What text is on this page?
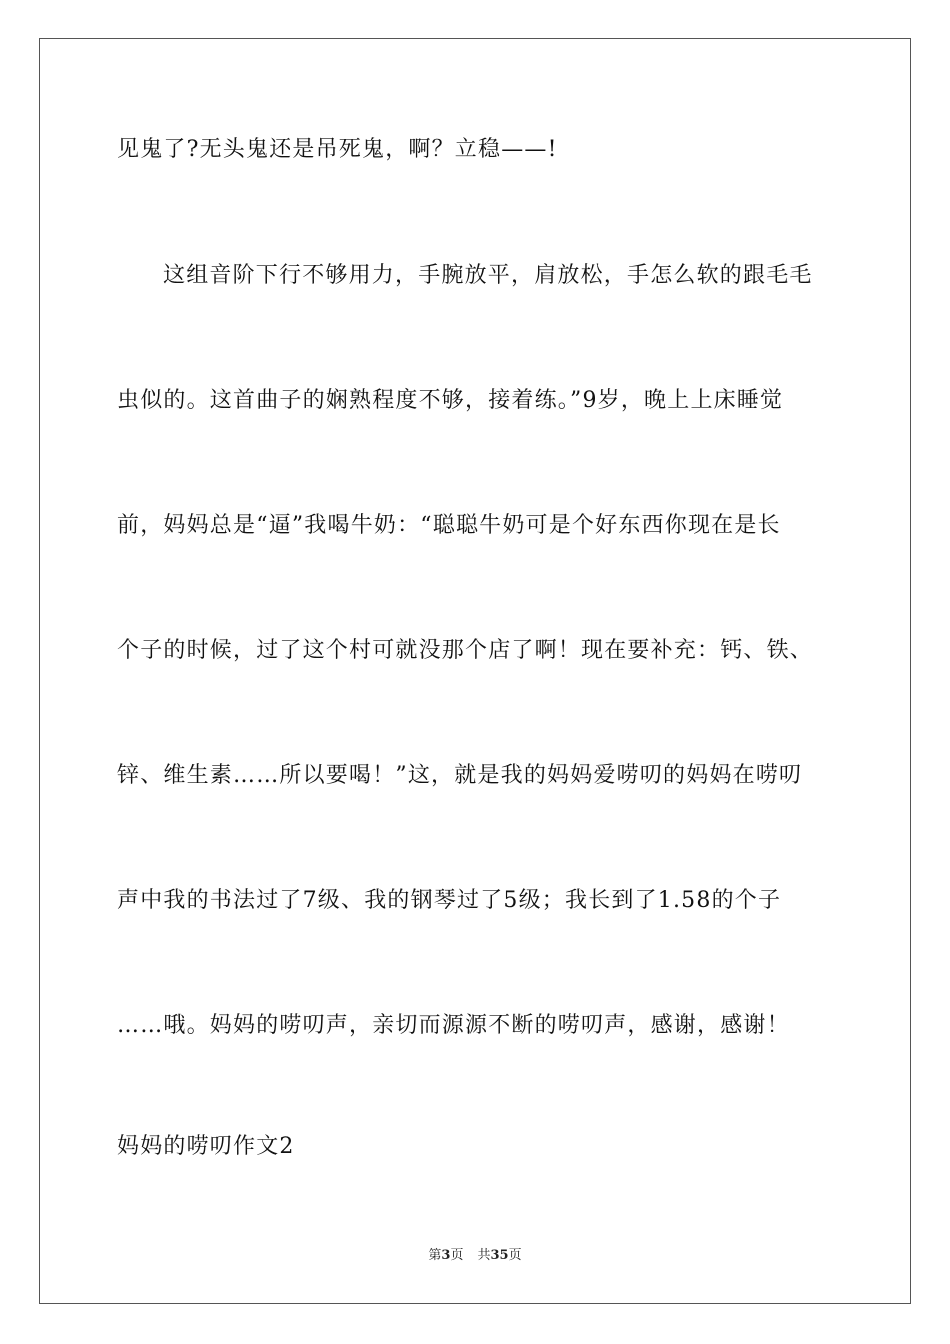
见鬼了?无头鬼还是吊死鬼，啊？立稳——!
这组音阶下行不够用力，手腕放平，肩放松，手怎么软的跟毛毛
虫似的。这首曲子的娴熟程度不够，接着练。”9岁，晚上上床睡觉
前，妈妈总是“逼”我喝牛奶：“聪聪牛奶可是个好东西你现在是长
个子的时候，过了这个村可就没那个店了啊！现在要补充：钙、铁、
锌、维生素……所以要喝！”这，就是我的妈妈爱唠叨的妈妈在唠叨
声中我的书法过了7级、我的钢琴过了5级；我长到了1.58的个子
……哦。妈妈的唠叨声，亲切而源源不断的唠叨声，感谢，感谢！
妈妈的唠叨作文2
第3页 共35页
